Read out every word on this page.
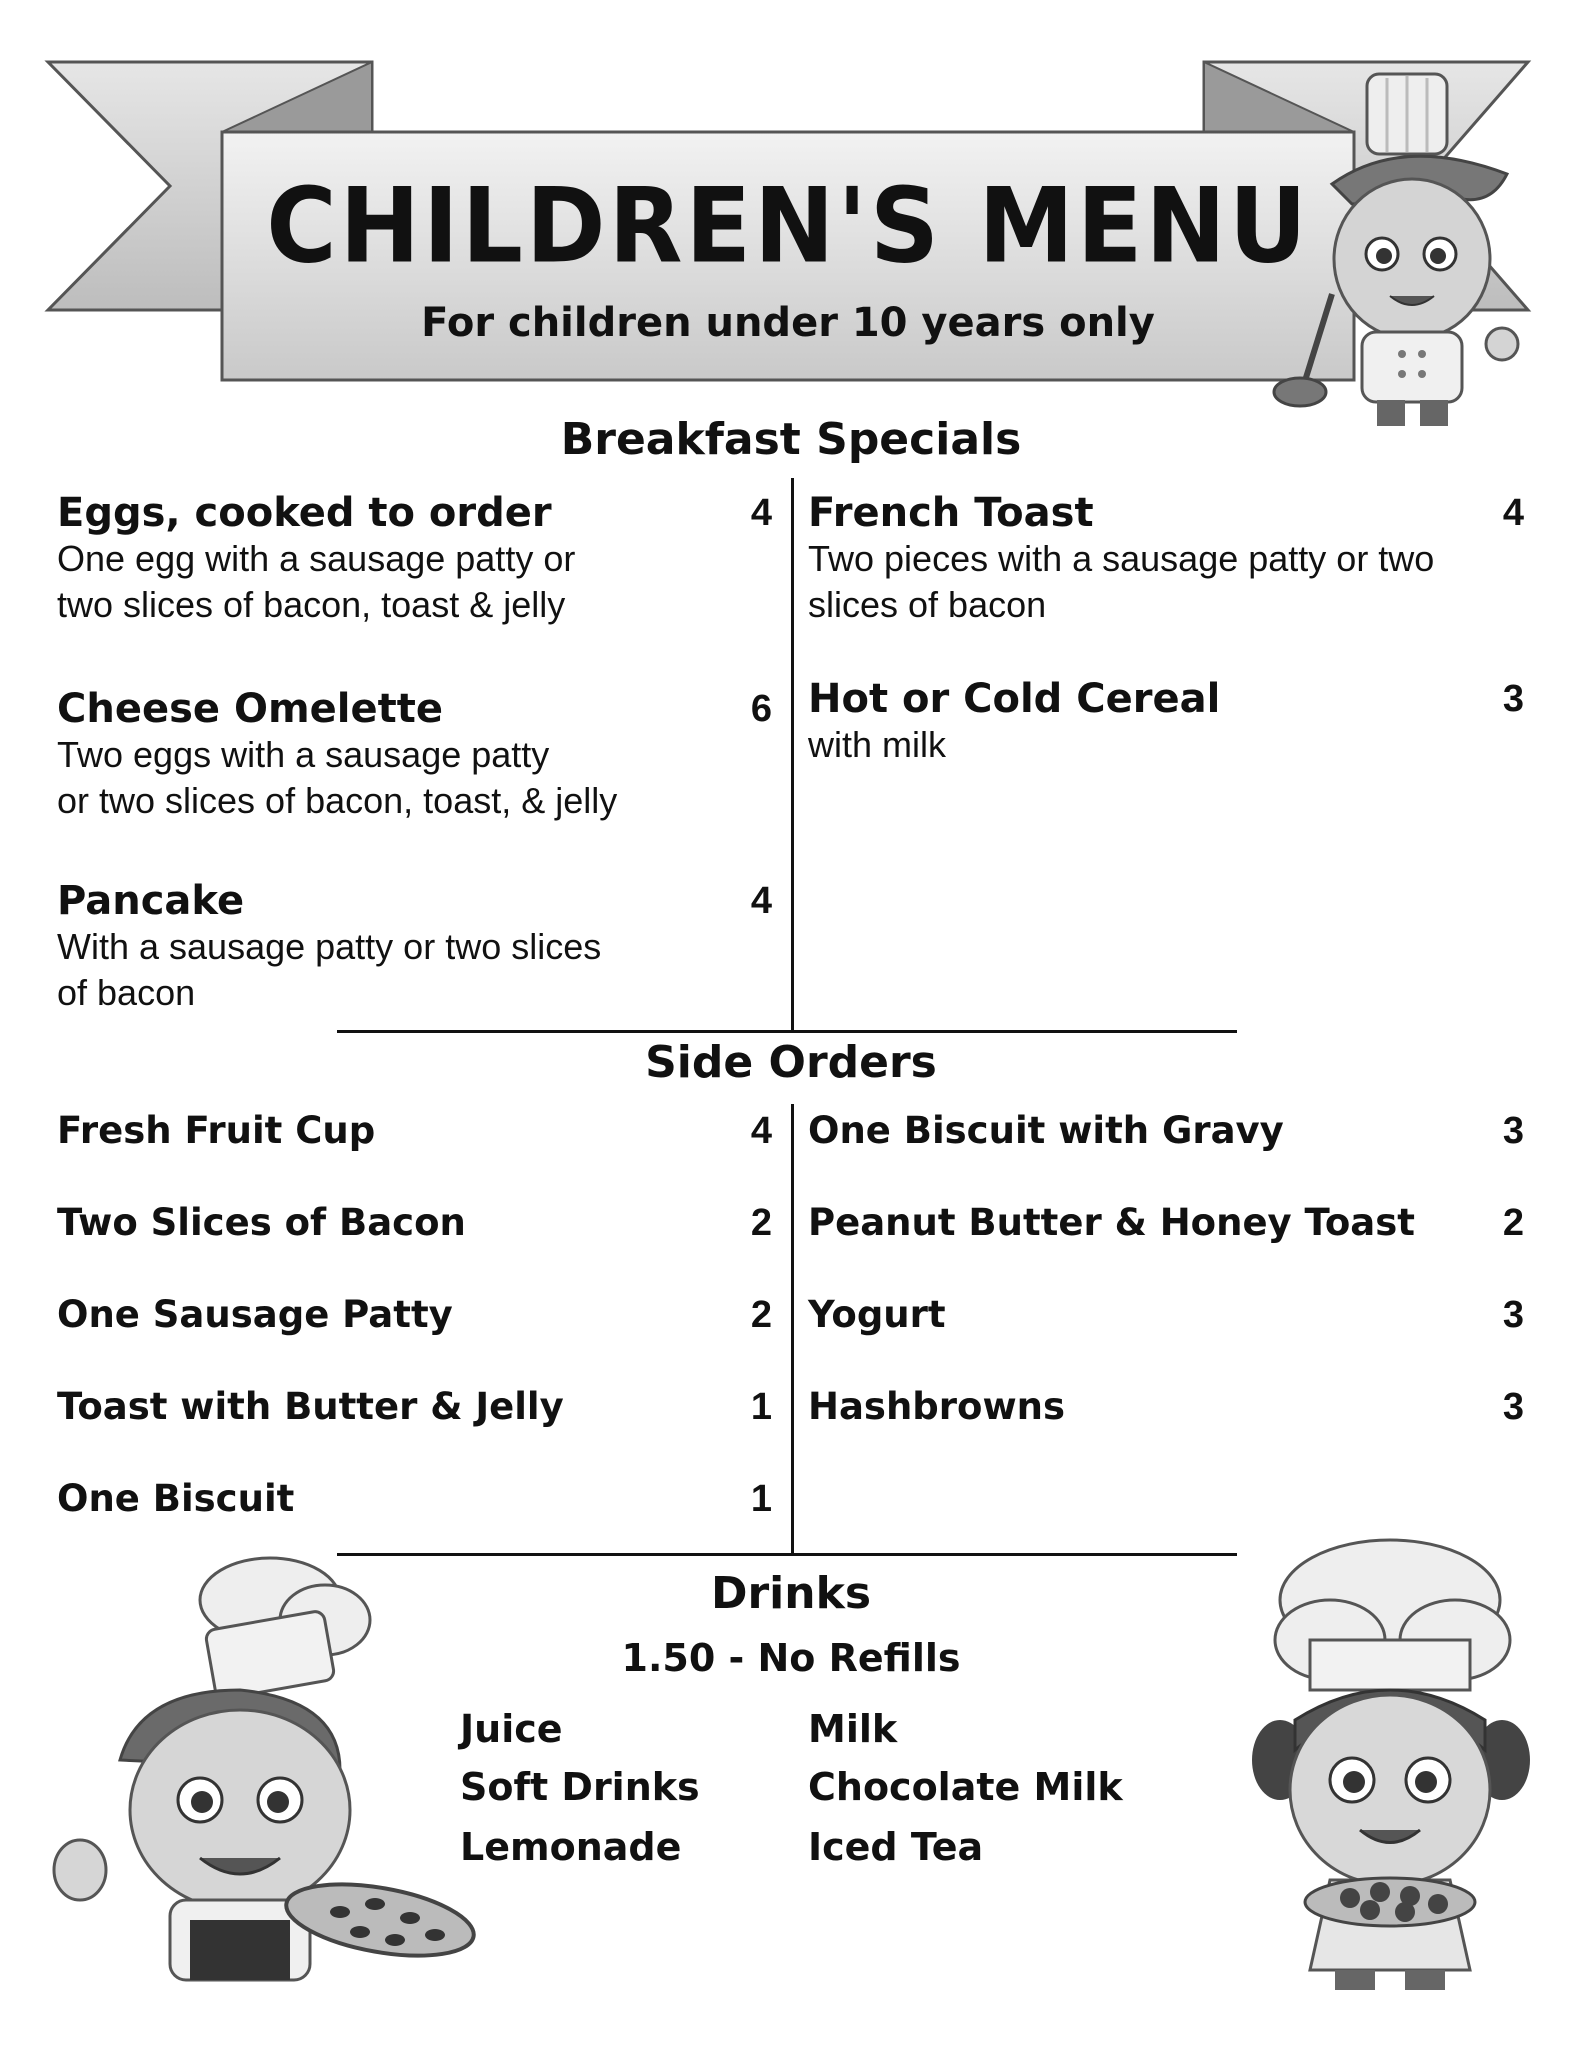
CHILDREN'S MENU
For children under 10 years only
Breakfast Specials
Eggs, cooked to order
One egg with a sausage patty or
two slices of bacon, toast & jelly
4
Cheese Omelette
Two eggs with a sausage patty
or two slices of bacon, toast, & jelly
6
Pancake
With a sausage patty or two slices
of bacon
4
French Toast
Two pieces with a sausage patty or two
slices of bacon
4
Hot or Cold Cereal
with milk
3
Side Orders
Fresh Fruit Cup	4
Two Slices of Bacon	2
One Sausage Patty	2
Toast with Butter & Jelly	1
One Biscuit	1
One Biscuit with Gravy	3
Peanut Butter & Honey Toast	2
Yogurt	3
Hashbrowns	3
Drinks
1.50 - No Refills
Juice
Soft Drinks
Lemonade
Milk
Chocolate Milk
Iced Tea
